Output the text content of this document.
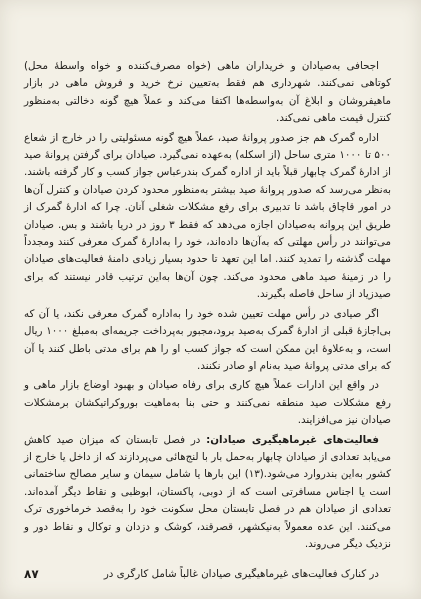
اجحافی به‌صیادان و خریداران ماهی (خواه مصرف‌کننده و خواه واسطهٔ محل) کوتاهی نمی‌کنند. شهرداری هم فقط به‌تعیین نرخ خرید و فروش ماهی در بازار ماهیفروشان و ابلاغ آن به‌واسطه‌ها اکتفا می‌کند و عملاً هیچ گونه دخالتی به‌منظور کنترل قیمت ماهی نمی‌کند.

اداره گمرک هم جز صدور پروانهٔ صید، عملاً هیچ گونه مسئولیتی را در خارج از شعاع ۵۰۰ تا ۱۰۰۰ متری ساحل (از اسکله) به‌عهده نمی‌گیرد. صیادان برای گرفتن پروانهٔ صید از ادارهٔ گمرک چابهار قبلاً باید از اداره گمرک بندرعباس جواز کسب و کار گرفته باشند. به‌نظر می‌رسد که صدور پروانهٔ صید بیشتر به‌منظور محدود کردن صیادان و کنترل آن‌ها در امور قاچاق باشد تا تدبیری برای رفع مشکلات شغلی آنان. چرا که ادارهٔ گمرک از طریق این پروانه به‌صیادان اجازه می‌دهد که فقط ۳ روز در دریا باشند و بس. صیادان می‌توانند در رأس مهلتی که به‌آن‌ها داده‌اند، خود را به‌ادارهٔ گمرک معرفی کنند ومجدداً مهلت گذشته را تمدید کنند. اما این تعهد تا حدود بسیار زیادی دامنهٔ فعالیت‌های صیادان را در زمینهٔ صید ماهی محدود می‌کند. چون آن‌ها به‌این ترتیب قادر نیستند که برای صیدزیاد از ساحل فاصله بگیرند.

اگر صیادی در رأس مهلت تعیین شده خود را به‌اداره گمرک معرفی نکند، یا آن که بی‌اجازهٔ قبلی از ادارهٔ گمرک به‌صید برود،مجبور به‌پرداخت جریمه‌ای به‌مبلغ ۱۰۰۰ ریال است، و به‌علاوهٔ این ممکن است که جواز کسب او را هم برای مدتی باطل کنند یا آن که برای مدتی پروانهٔ صید به‌نام او صادر نکنند.

در واقع این ادارات عملاً هیچ کاری برای رفاه صیادان و بهبود اوضاع بازار ماهی و رفع مشکلات صید منطقه نمی‌کنند و حتی بنا به‌ماهیت بوروکراتیکشان برمشکلات صیادان نیز می‌افزایند.

فعالیت‌های غیرماهیگیری صیادان: در فصل تابستان که میزان صید کاهش می‌یابد تعدادی از صیادان چابهار به‌حمل بار با لنج‌هائی می‌پردازند که از داخل یا خارج از کشور به‌این بندروارد می‌شود.(۱۳) این بارها یا شامل سیمان و سایر مصالح ساختمانی است یا اجناس مسافرتی است که از دوبی، پاکستان، ابوظبی و نقاط دیگر آمده‌اند. تعدادی از صیادان هم در فصل تابستان محل سکونت خود را به‌قصد خرماخوری ترک می‌کنند. این عده معمولاً به‌نیکشهر، قصرقند، کوشک و دزدان و توکال و نقاط دور و نزدیک دیگر می‌روند.

در کنارک فعالیت‌های غیرماهیگیری صیادان غالباً شامل کارگری در
۸۷
